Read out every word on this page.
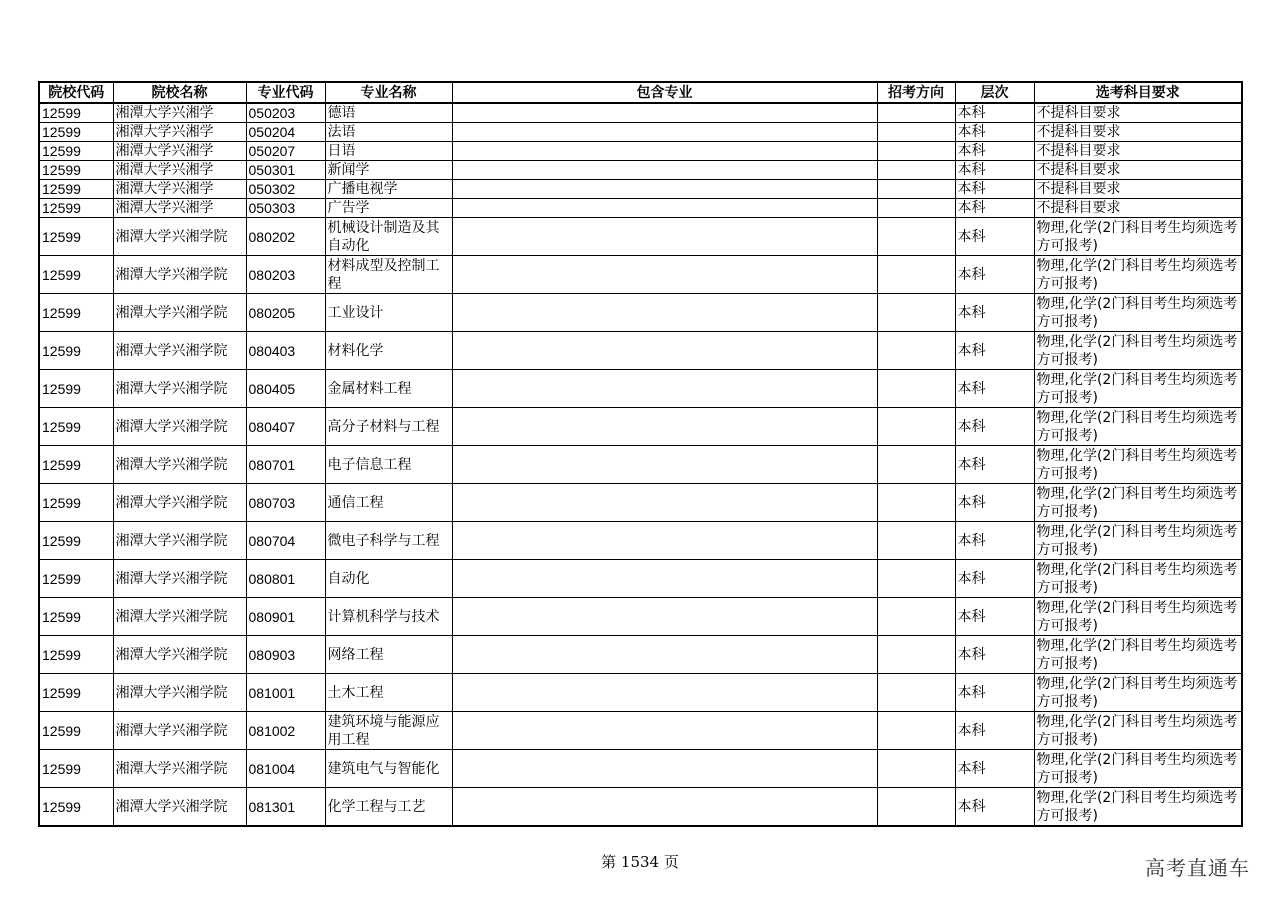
院校代码	院校名称	专业代码	专业名称	包含专业	招考方向	层次	选考科目要求
12599	湘潭大学兴湘学	050203	德语			本科	不提科目要求
12599	湘潭大学兴湘学	050204	法语			本科	不提科目要求
12599	湘潭大学兴湘学	050207	日语			本科	不提科目要求
12599	湘潭大学兴湘学	050301	新闻学			本科	不提科目要求
12599	湘潭大学兴湘学	050302	广播电视学			本科	不提科目要求
12599	湘潭大学兴湘学	050303	广告学			本科	不提科目要求
12599	湘潭大学兴湘学院	080202	机械设计制造及其自动化			本科	物理,化学(2门科目考生均须选考方可报考)
12599	湘潭大学兴湘学院	080203	材料成型及控制工程			本科	物理,化学(2门科目考生均须选考方可报考)
12599	湘潭大学兴湘学院	080205	工业设计			本科	物理,化学(2门科目考生均须选考方可报考)
12599	湘潭大学兴湘学院	080403	材料化学			本科	物理,化学(2门科目考生均须选考方可报考)
12599	湘潭大学兴湘学院	080405	金属材料工程			本科	物理,化学(2门科目考生均须选考方可报考)
12599	湘潭大学兴湘学院	080407	高分子材料与工程			本科	物理,化学(2门科目考生均须选考方可报考)
12599	湘潭大学兴湘学院	080701	电子信息工程			本科	物理,化学(2门科目考生均须选考方可报考)
12599	湘潭大学兴湘学院	080703	通信工程			本科	物理,化学(2门科目考生均须选考方可报考)
12599	湘潭大学兴湘学院	080704	微电子科学与工程			本科	物理,化学(2门科目考生均须选考方可报考)
12599	湘潭大学兴湘学院	080801	自动化			本科	物理,化学(2门科目考生均须选考方可报考)
12599	湘潭大学兴湘学院	080901	计算机科学与技术			本科	物理,化学(2门科目考生均须选考方可报考)
12599	湘潭大学兴湘学院	080903	网络工程			本科	物理,化学(2门科目考生均须选考方可报考)
12599	湘潭大学兴湘学院	081001	土木工程			本科	物理,化学(2门科目考生均须选考方可报考)
12599	湘潭大学兴湘学院	081002	建筑环境与能源应用工程			本科	物理,化学(2门科目考生均须选考方可报考)
12599	湘潭大学兴湘学院	081004	建筑电气与智能化			本科	物理,化学(2门科目考生均须选考方可报考)
12599	湘潭大学兴湘学院	081301	化学工程与工艺			本科	物理,化学(2门科目考生均须选考方可报考)
第 1534 页	高考直通车
